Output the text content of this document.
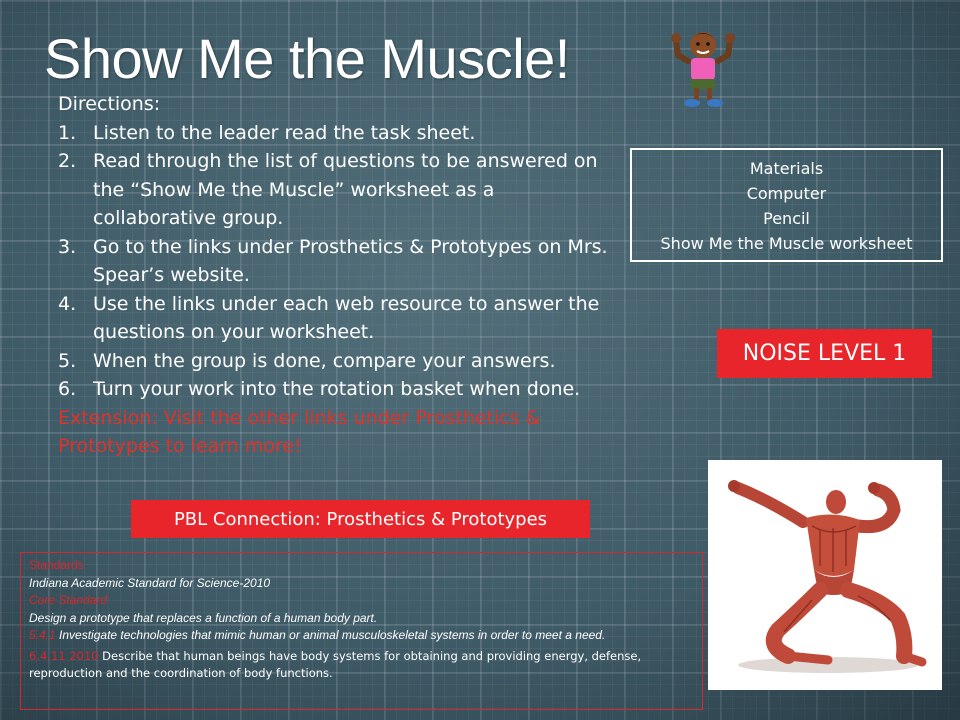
Show Me the Muscle!
Directions:
1. Listen to the leader read the task sheet.
2. Read through the list of questions to be answered on the “Show Me the Muscle” worksheet as a collaborative group.
3. Go to the links under Prosthetics & Prototypes on Mrs. Spear’s website.
4. Use the links under each web resource to answer the questions on your worksheet.
5. When the group is done, compare your answers.
6. Turn your work into the rotation basket when done.
Extension: Visit the other links under Prosthetics & Prototypes to learn more!
Materials
Computer
Pencil
Show Me the Muscle worksheet
NOISE LEVEL 1
PBL Connection: Prosthetics & Prototypes
Standards
Indiana Academic Standard for Science-2010
Core Standard
Design a prototype that replaces a function of a human body part.
5.4.1 Investigate technologies that mimic human or animal musculoskeletal systems in order to meet a need.
6.4.11 2010 Describe that human beings have body systems for obtaining and providing energy, defense, reproduction and the coordination of body functions.
